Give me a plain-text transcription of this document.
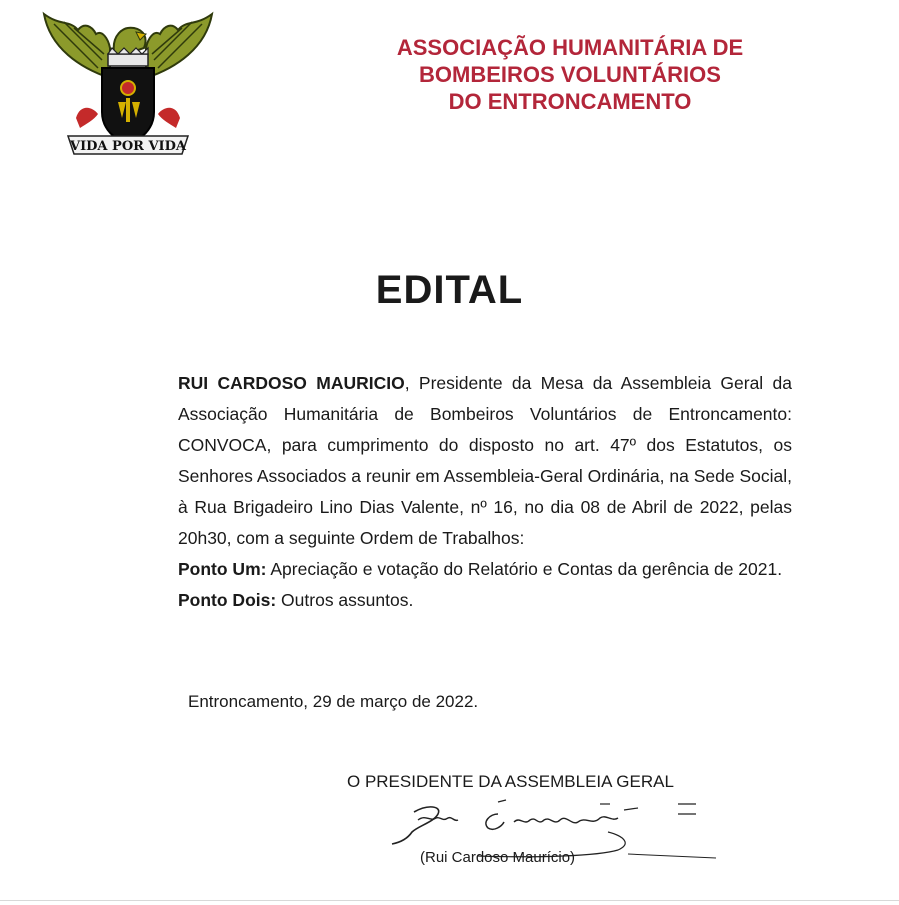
VIDA POR VIDA
ASSOCIAÇÃO HUMANITÁRIA DE
BOMBEIROS VOLUNTÁRIOS
DO ENTRONCAMENTO
EDITAL
RUI CARDOSO MAURICIO, Presidente da Mesa da Assembleia Geral da Associação Humanitária de Bombeiros Voluntários de Entroncamento: CONVOCA, para cumprimento do disposto no art. 47º dos Estatutos, os Senhores Associados a reunir em Assembleia-Geral Ordinária, na Sede Social, à Rua Brigadeiro Lino Dias Valente, nº 16, no dia 08 de Abril de 2022, pelas 20h30, com a seguinte Ordem de Trabalhos:
Ponto Um: Apreciação e votação do Relatório e Contas da gerência de 2021.
Ponto Dois: Outros assuntos.
Entroncamento, 29 de março de 2022.
O PRESIDENTE DA ASSEMBLEIA GERAL
(Rui Cardoso Maurício)
